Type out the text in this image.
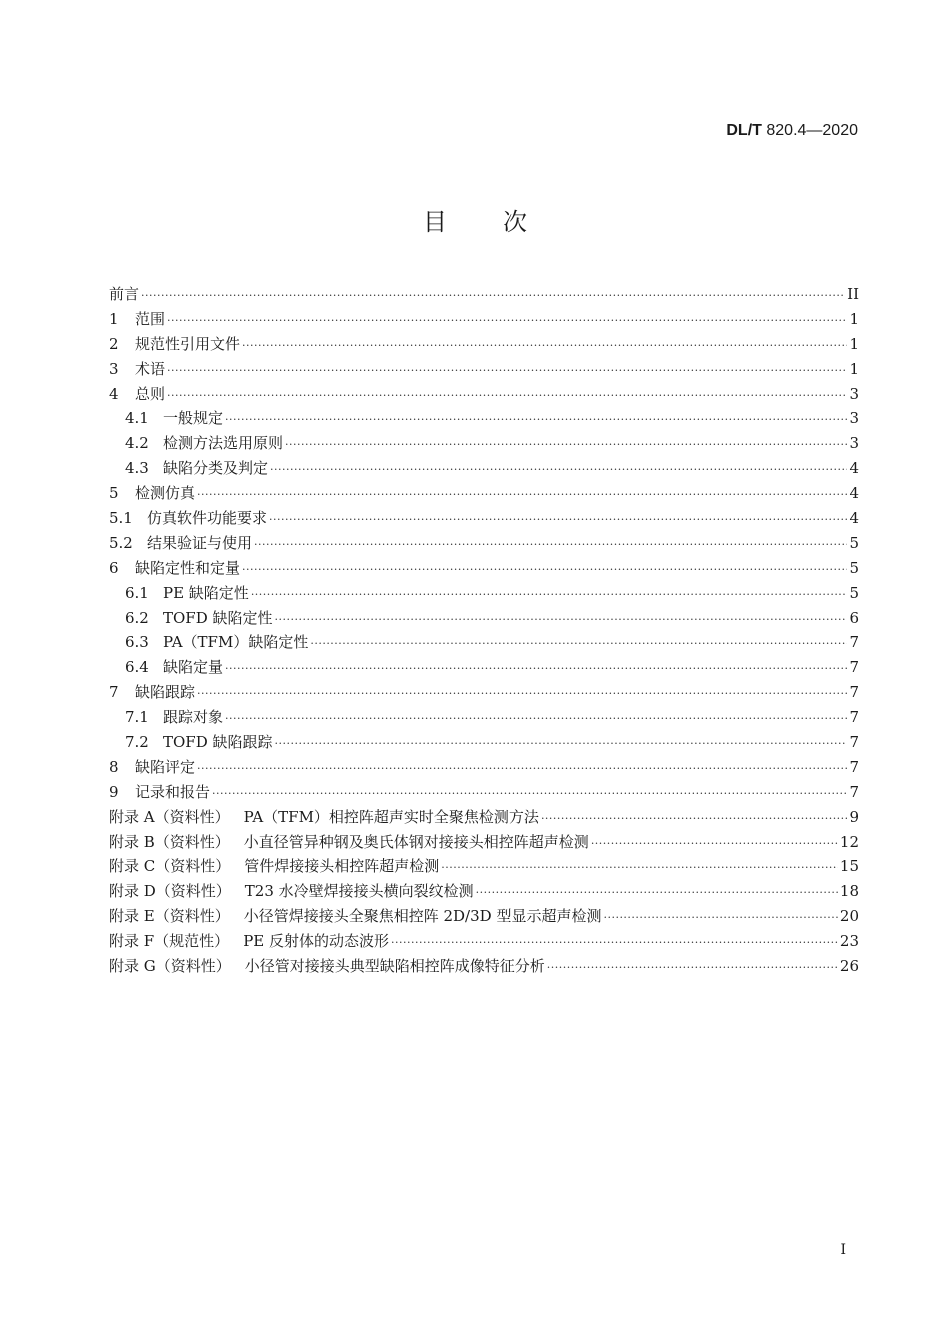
DL/T 820.4—2020
目次
前言 ·····	II
1	范围 ·····	1
2	规范性引用文件 ·····	1
3	术语 ·····	1
4	总则 ·····	3
4.1 一般规定 ·····	3
4.2 检测方法选用原则 ·····	3
4.3 缺陷分类及判定 ·····	4
5	检测仿真 ·····	4
5.1 仿真软件功能要求 ·····	4
5.2 结果验证与使用 ·····	5
6	缺陷定性和定量 ·····	5
6.1 PE 缺陷定性 ·····	5
6.2 TOFD 缺陷定性 ·····	6
6.3 PA（TFM）缺陷定性 ·····	7
6.4 缺陷定量 ·····	7
7	缺陷跟踪 ·····	7
7.1 跟踪对象 ·····	7
7.2 TOFD 缺陷跟踪 ·····	7
8	缺陷评定 ·····	7
9	记录和报告 ·····	7
附录 A（资料性） PA（TFM）相控阵超声实时全聚焦检测方法 ·····	9
附录 B（资料性） 小直径管异种钢及奥氏体钢对接接头相控阵超声检测 ·····	12
附录 C（资料性） 管件焊接接头相控阵超声检测 ·····	15
附录 D（资料性） T23 水冷壁焊接接头横向裂纹检测 ·····	18
附录 E（资料性） 小径管焊接接头全聚焦相控阵 2D/3D 型显示超声检测 ·····	20
附录 F（规范性） PE 反射体的动态波形 ·····	23
附录 G（资料性） 小径管对接接头典型缺陷相控阵成像特征分析 ·····	26
I
